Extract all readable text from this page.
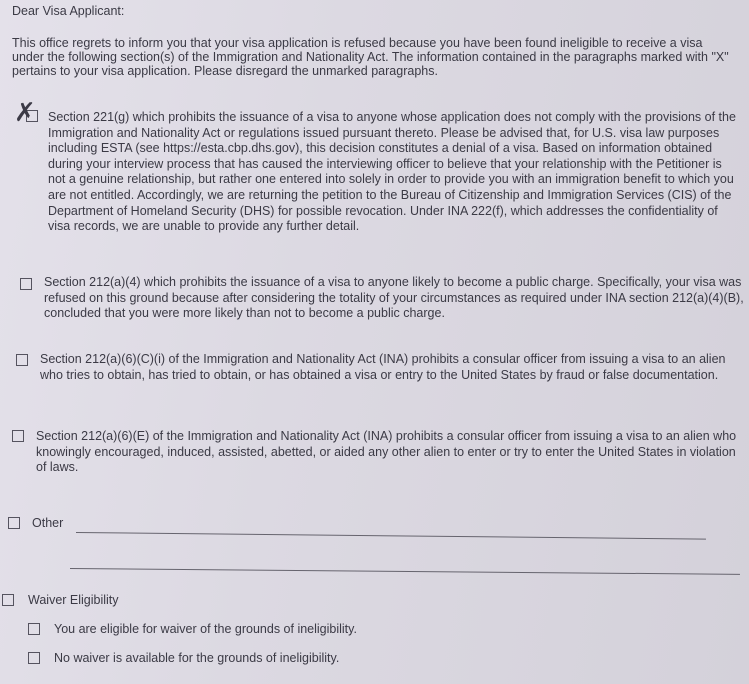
Dear Visa Applicant:
This office regrets to inform you that your visa application is refused because you have been found ineligible to receive a visa under the following section(s) of the Immigration and Nationality Act. The information contained in the paragraphs marked with "X" pertains to your visa application. Please disregard the unmarked paragraphs.
✗ Section 221(g) which prohibits the issuance of a visa to anyone whose application does not comply with the provisions of the Immigration and Nationality Act or regulations issued pursuant thereto. Please be advised that, for U.S. visa law purposes including ESTA (see https://esta.cbp.dhs.gov), this decision constitutes a denial of a visa. Based on information obtained during your interview process that has caused the interviewing officer to believe that your relationship with the Petitioner is not a genuine relationship, but rather one entered into solely in order to provide you with an immigration benefit to which you are not entitled. Accordingly, we are returning the petition to the Bureau of Citizenship and Immigration Services (CIS) of the Department of Homeland Security (DHS) for possible revocation. Under INA 222(f), which addresses the confidentiality of visa records, we are unable to provide any further detail.
Section 212(a)(4) which prohibits the issuance of a visa to anyone likely to become a public charge. Specifically, your visa was refused on this ground because after considering the totality of your circumstances as required under INA section 212(a)(4)(B), concluded that you were more likely than not to become a public charge.
Section 212(a)(6)(C)(i) of the Immigration and Nationality Act (INA) prohibits a consular officer from issuing a visa to an alien who tries to obtain, has tried to obtain, or has obtained a visa or entry to the United States by fraud or false documentation.
Section 212(a)(6)(E) of the Immigration and Nationality Act (INA) prohibits a consular officer from issuing a visa to an alien who knowingly encouraged, induced, assisted, abetted, or aided any other alien to enter or try to enter the United States in violation of laws.
Other
Waiver Eligibility
You are eligible for waiver of the grounds of ineligibility.
No waiver is available for the grounds of ineligibility.
